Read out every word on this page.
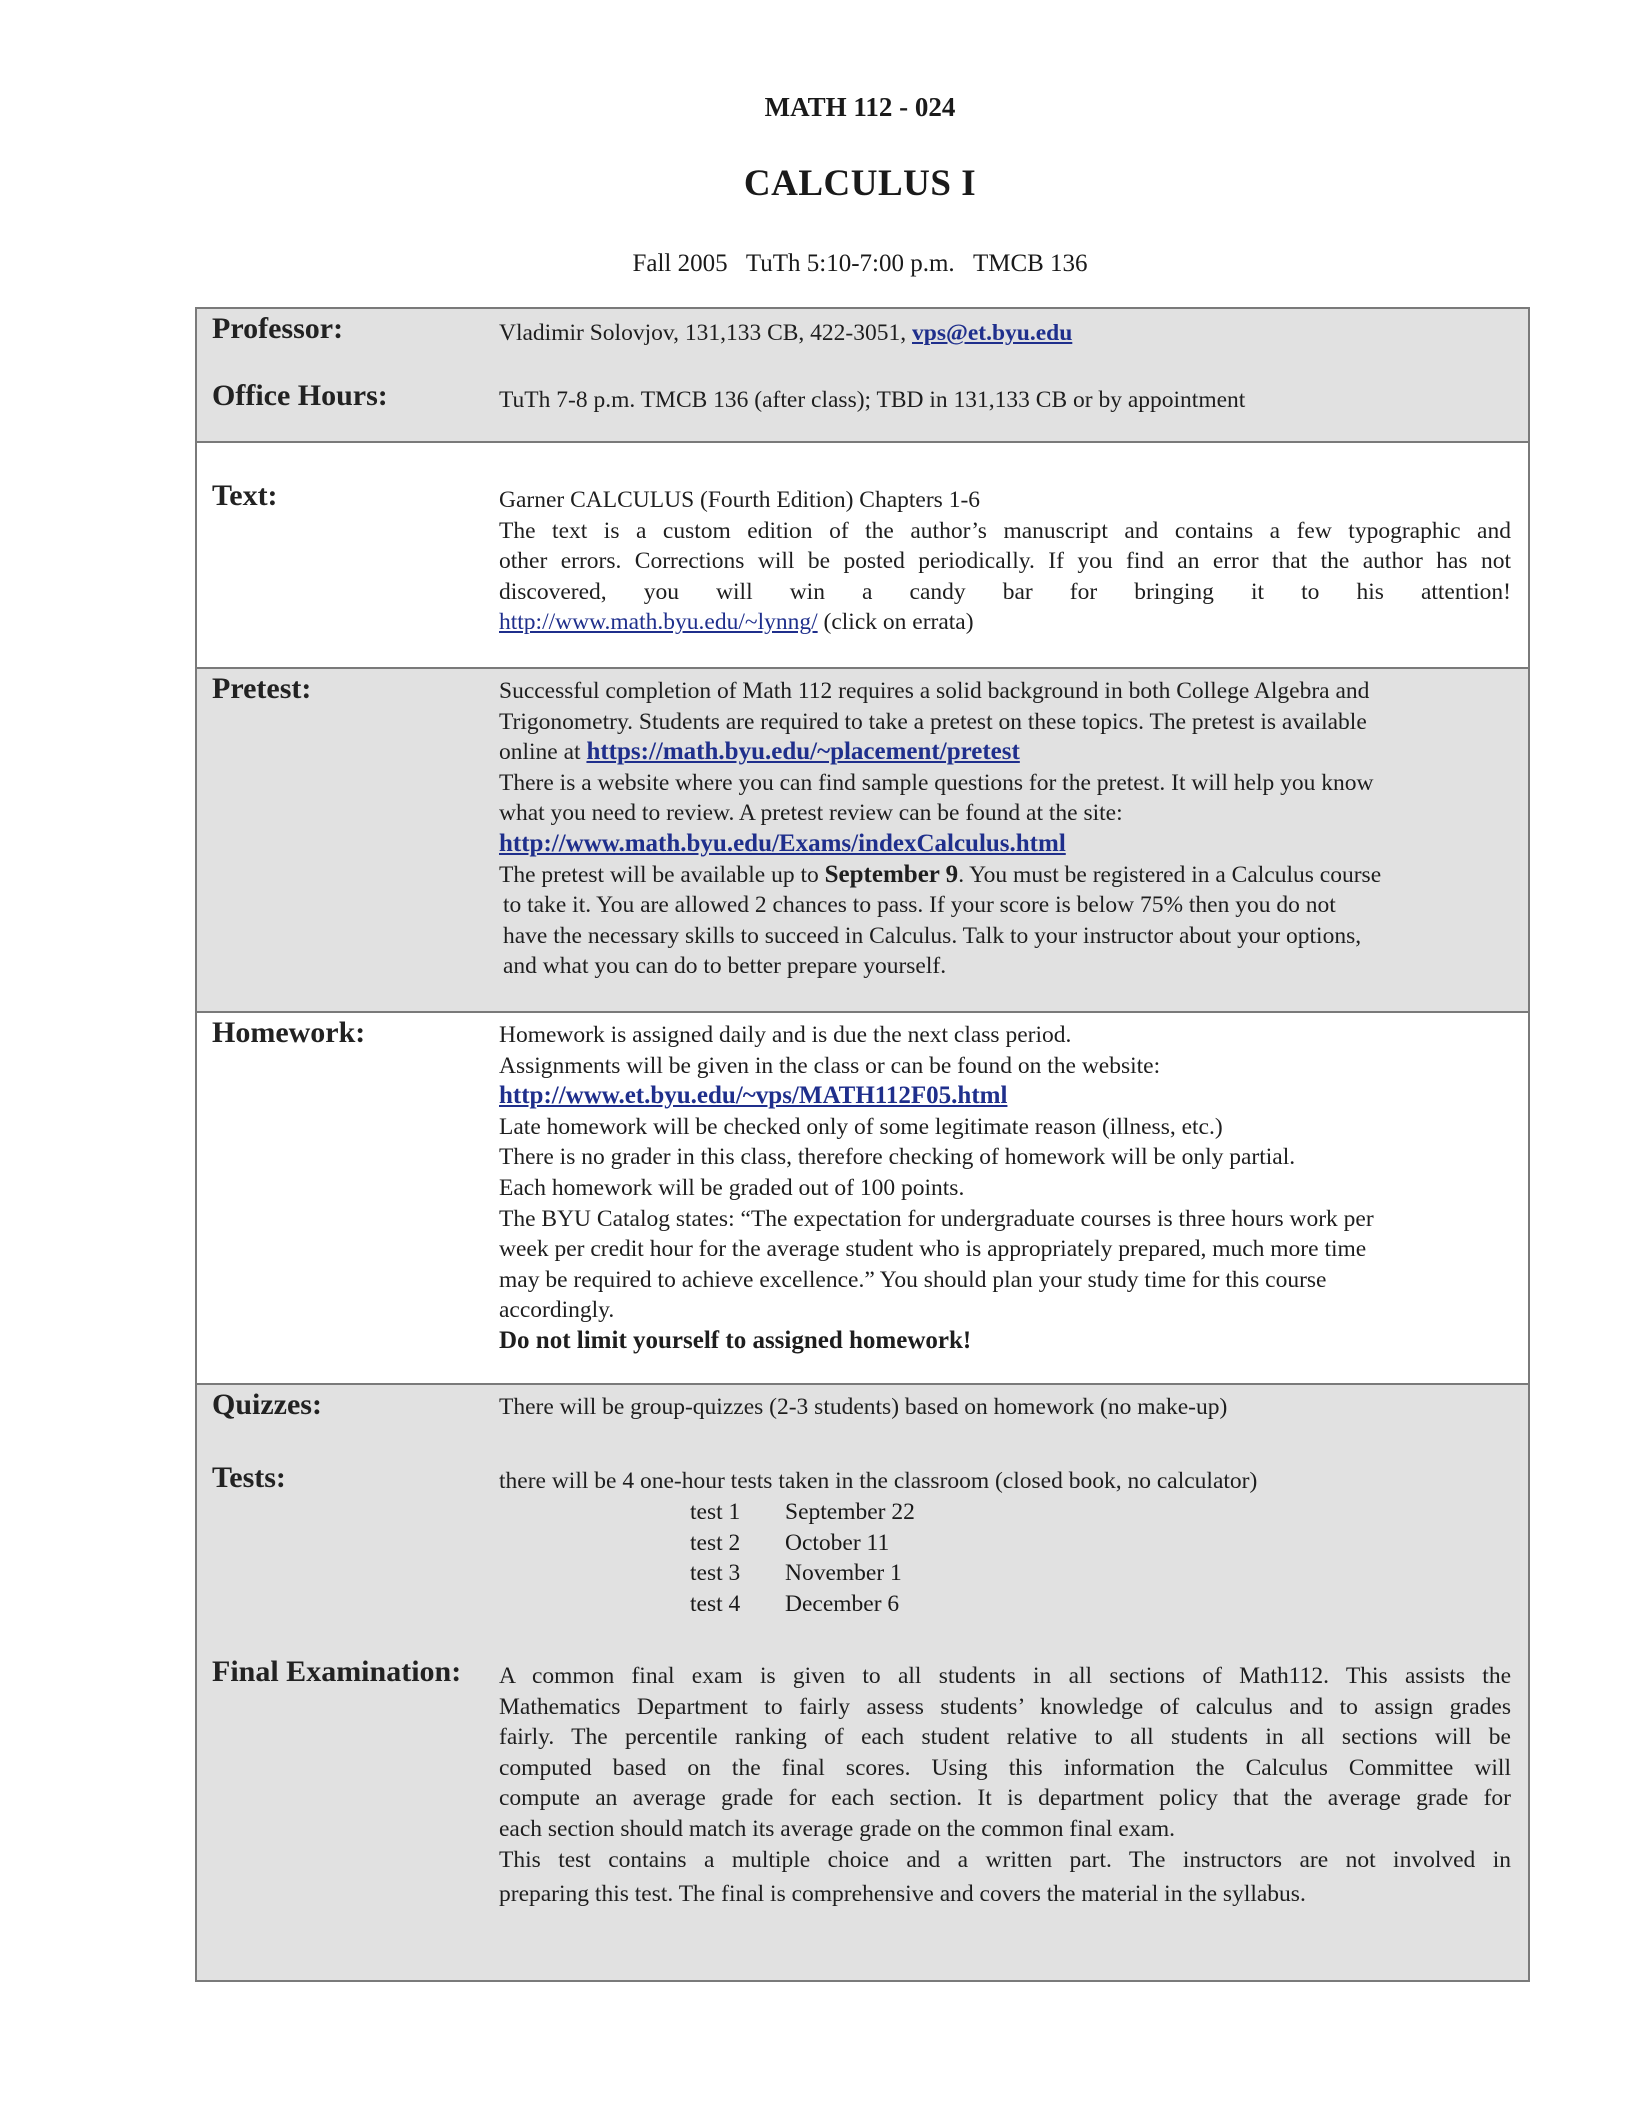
MATH 112 - 024
CALCULUS I
Fall 2005 TuTh 5:10-7:00 p.m. TMCB 136
Professor:	Vladimir Solovjov, 131,133 CB, 422-3051, vps@et.byu.edu
Office Hours:	TuTh 7-8 p.m. TMCB 136 (after class); TBD in 131,133 CB or by appointment
Text:	Garner CALCULUS (Fourth Edition) Chapters 1-6
The text is a custom edition of the author’s manuscript and contains a few typographic and
other errors. Corrections will be posted periodically. If you find an error that the author has not
discovered, you will win a candy bar for bringing it to his attention!
http://www.math.byu.edu/~lynng/ (click on errata)
Pretest:	Successful completion of Math 112 requires a solid background in both College Algebra and
Trigonometry. Students are required to take a pretest on these topics. The pretest is available
online at https://math.byu.edu/~placement/pretest
There is a website where you can find sample questions for the pretest. It will help you know
what you need to review. A pretest review can be found at the site:
http://www.math.byu.edu/Exams/indexCalculus.html
The pretest will be available up to September 9. You must be registered in a Calculus course
to take it. You are allowed 2 chances to pass. If your score is below 75% then you do not
have the necessary skills to succeed in Calculus. Talk to your instructor about your options,
and what you can do to better prepare yourself.
Homework:	Homework is assigned daily and is due the next class period.
Assignments will be given in the class or can be found on the website:
http://www.et.byu.edu/~vps/MATH112F05.html
Late homework will be checked only of some legitimate reason (illness, etc.)
There is no grader in this class, therefore checking of homework will be only partial.
Each homework will be graded out of 100 points.
The BYU Catalog states: “The expectation for undergraduate courses is three hours work per
week per credit hour for the average student who is appropriately prepared, much more time
may be required to achieve excellence.” You should plan your study time for this course
accordingly.
Do not limit yourself to assigned homework!
Quizzes:	There will be group-quizzes (2-3 students) based on homework (no make-up)
Tests:	there will be 4 one-hour tests taken in the classroom (closed book, no calculator)
test 1	September 22
test 2	October 11
test 3	November 1
test 4	December 6
Final Examination: A common final exam is given to all students in all sections of Math112. This assists the
Mathematics Department to fairly assess students’ knowledge of calculus and to assign grades
fairly. The percentile ranking of each student relative to all students in all sections will be
computed based on the final scores. Using this information the Calculus Committee will
compute an average grade for each section. It is department policy that the average grade for
each section should match its average grade on the common final exam.
This test contains a multiple choice and a written part. The instructors are not involved in
preparing this test. The final is comprehensive and covers the material in the syllabus.
